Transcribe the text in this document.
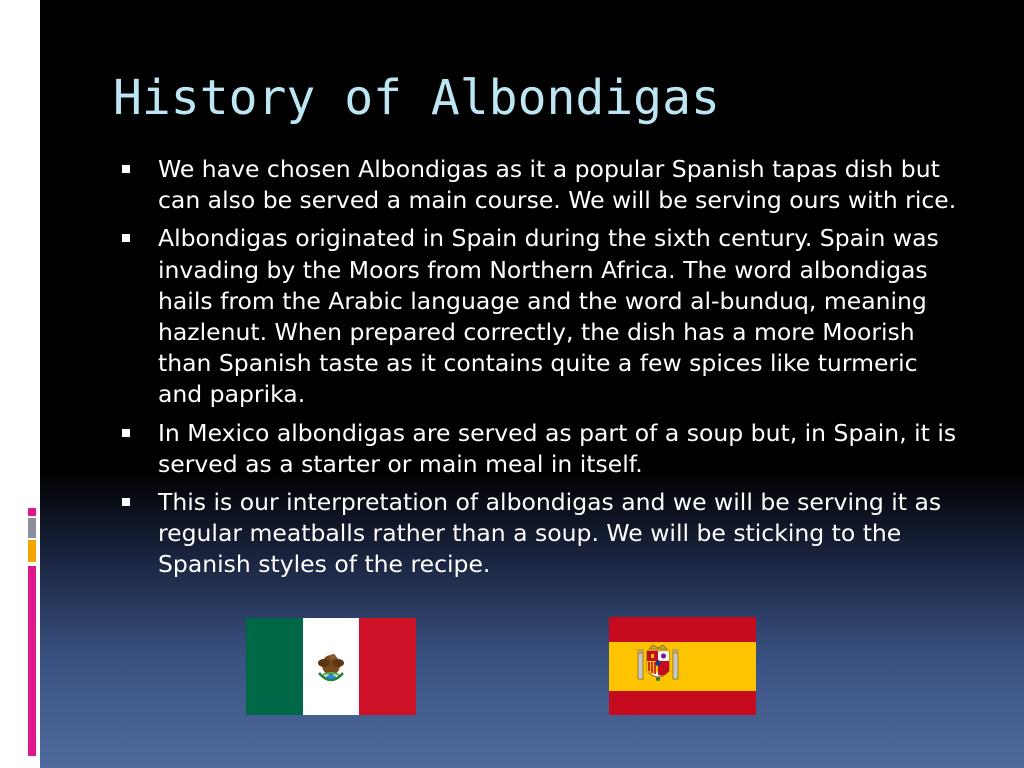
History of Albondigas
We have chosen Albondigas as it a popular Spanish tapas dish but can also be served a main course. We will be serving ours with rice.
Albondigas originated in Spain during the sixth century. Spain was invading by the Moors from Northern Africa. The word albondigas hails from the Arabic language and the word al-bunduq, meaning hazlenut. When prepared correctly, the dish has a more Moorish than Spanish taste as it contains quite a few spices like turmeric and paprika.
In Mexico albondigas are served as part of a soup but, in Spain, it is served as a starter or main meal in itself.
This is our interpretation of albondigas and we will be serving it as regular meatballs rather than a soup. We will be sticking to the Spanish styles of the recipe.
